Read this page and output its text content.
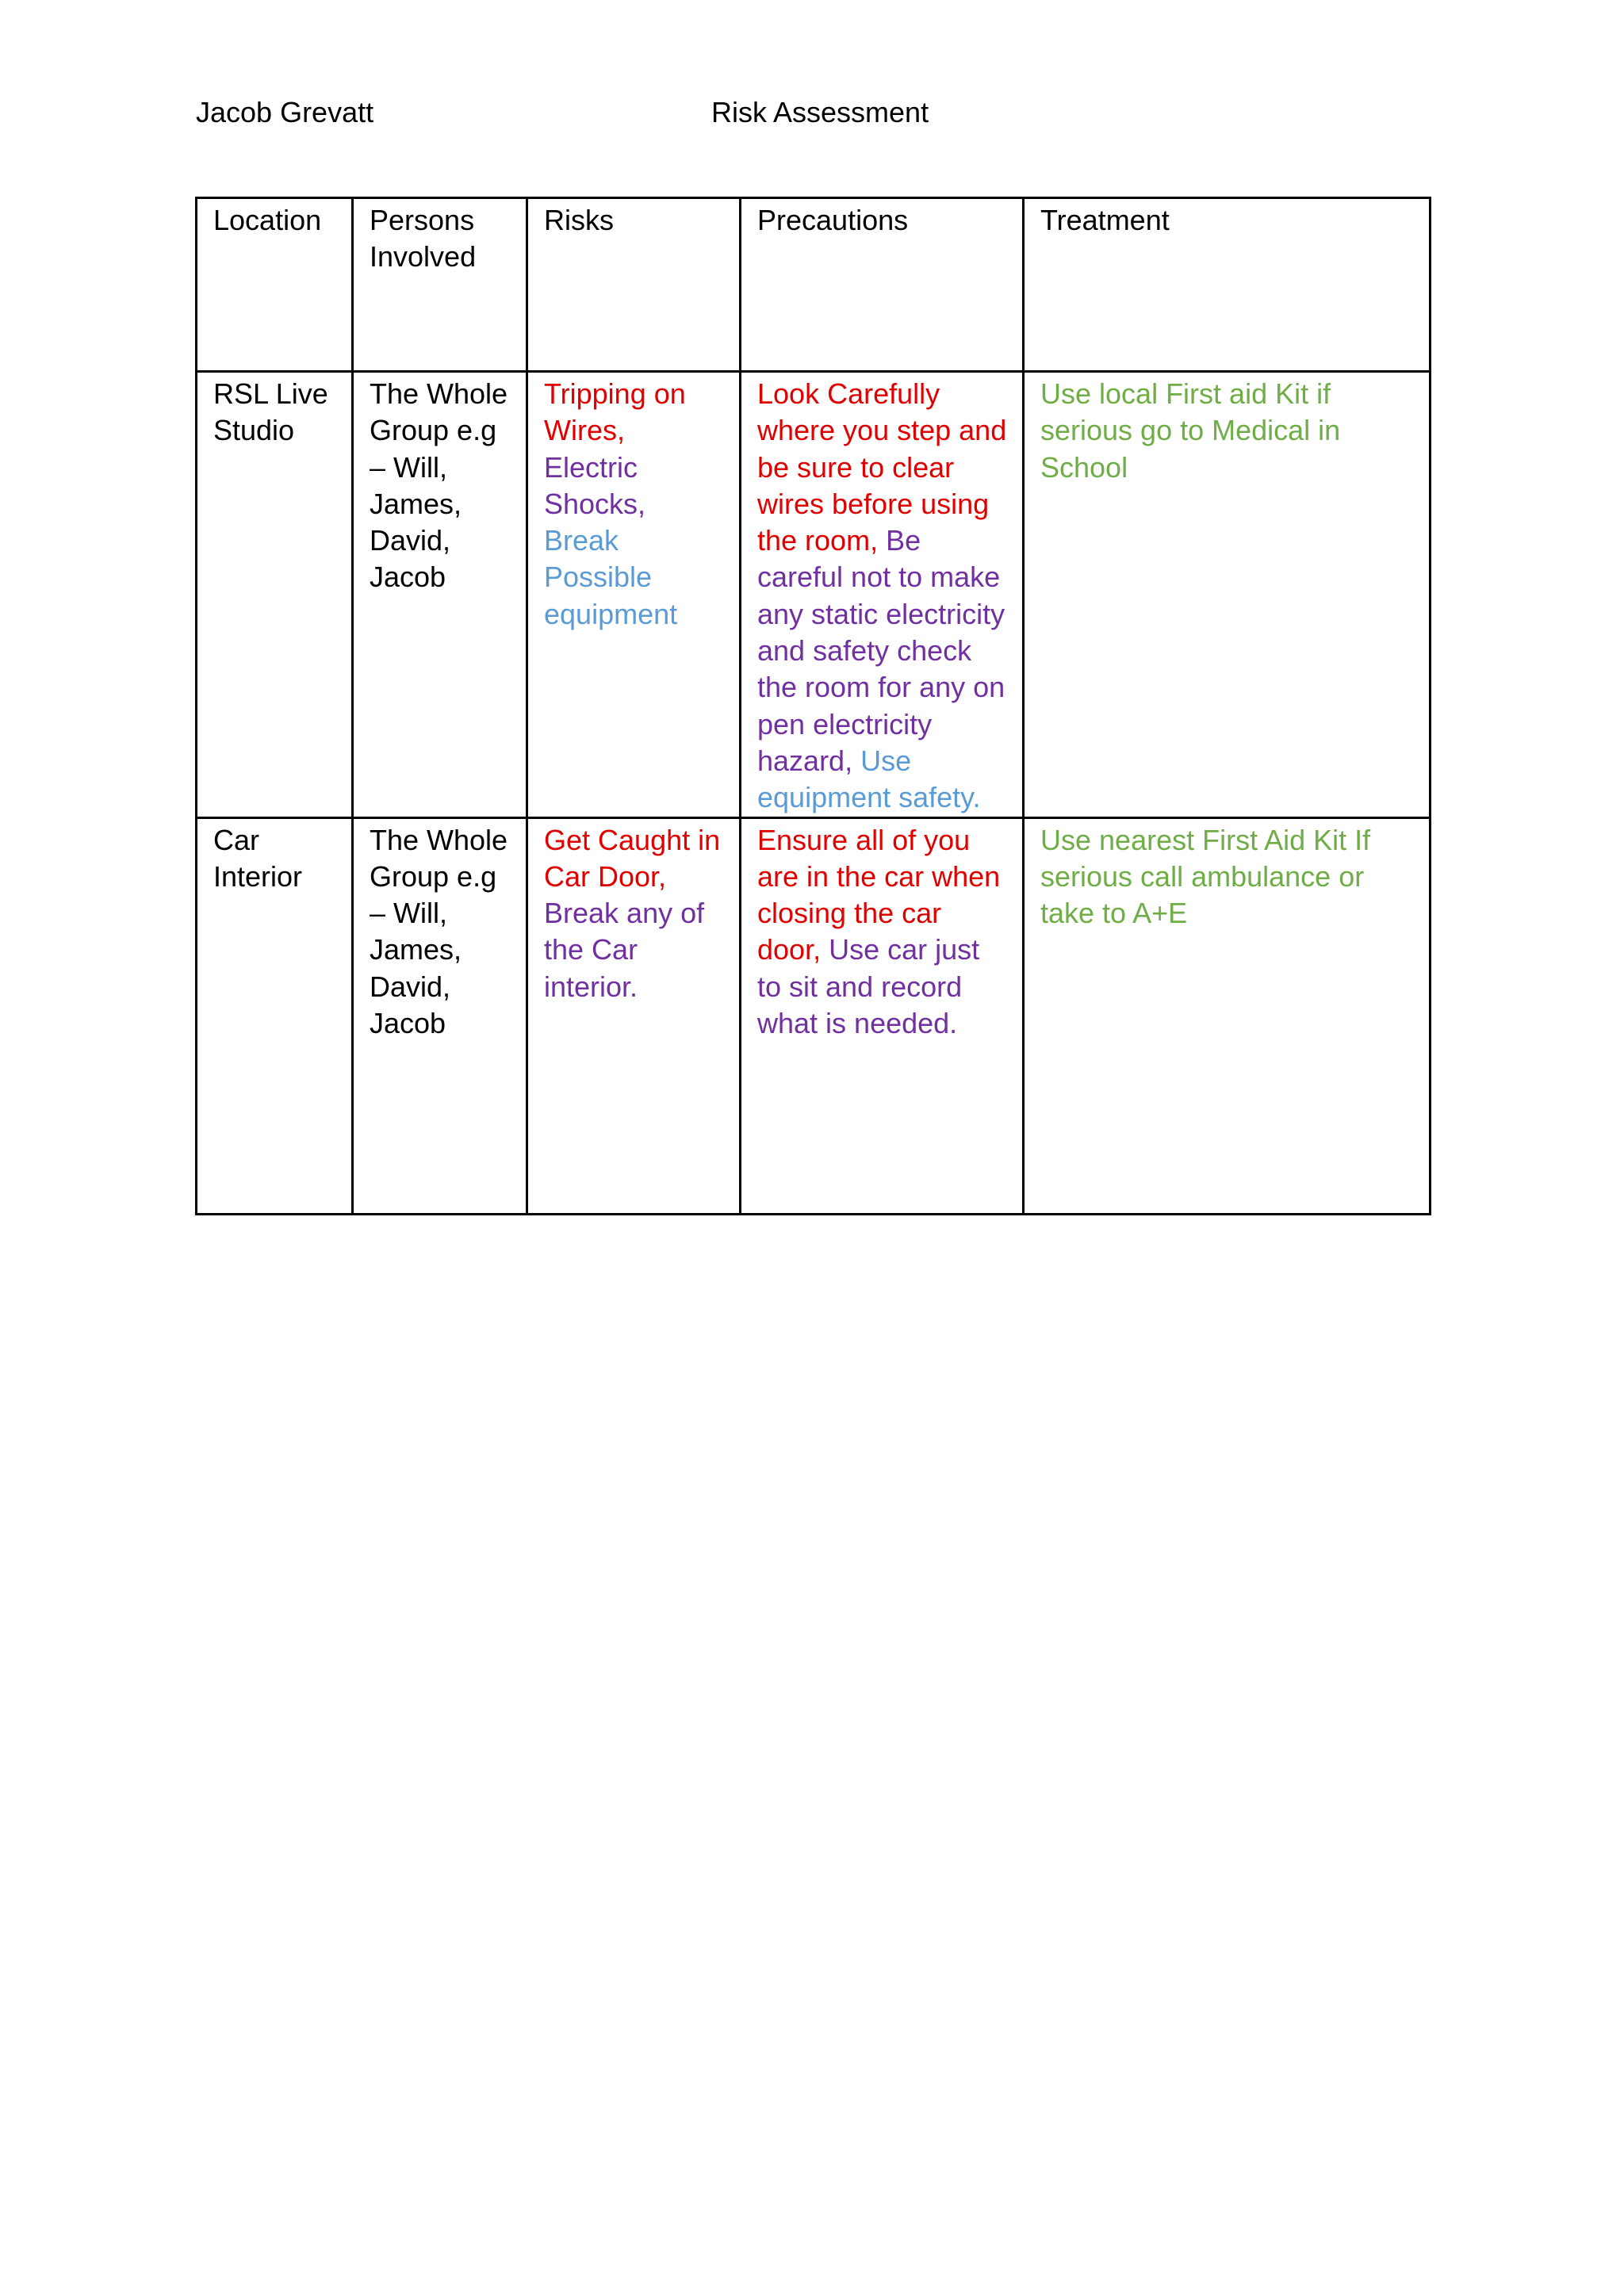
Jacob Grevatt	Risk Assessment
Location	Persons Involved	Risks	Precautions	Treatment
RSL Live Studio	The Whole Group e.g – Will, James, David, Jacob	Tripping on Wires, Electric Shocks, Break Possible equipment	Look Carefully where you step and be sure to clear wires before using the room, Be careful not to make any static electricity and safety check the room for any on pen electricity hazard, Use equipment safety.	Use local First aid Kit if serious go to Medical in School
Car Interior	The Whole Group e.g – Will, James, David, Jacob	Get Caught in Car Door, Break any of the Car interior.	Ensure all of you are in the car when closing the car door, Use car just to sit and record what is needed.	Use nearest First Aid Kit If serious call ambulance or take to A+E
